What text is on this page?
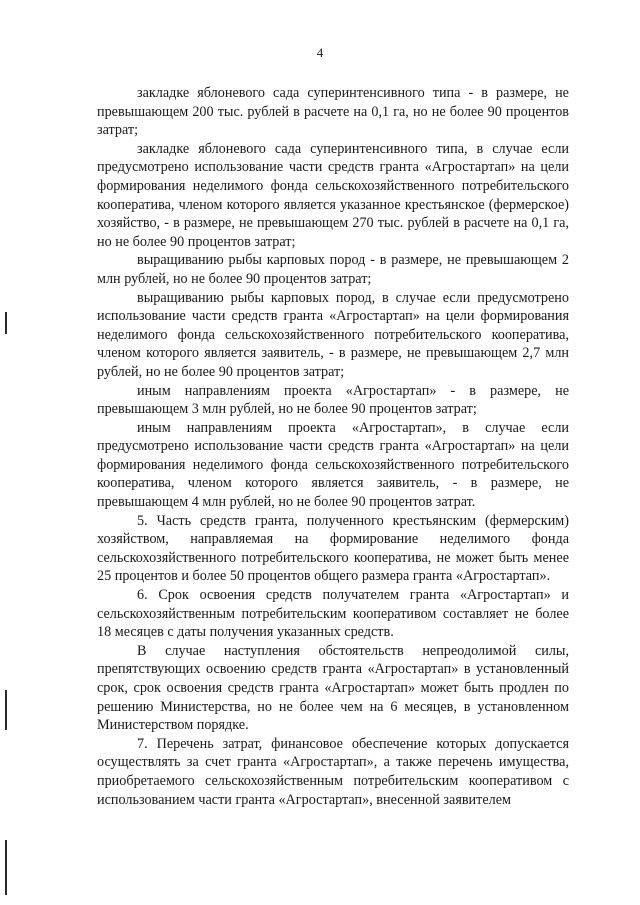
4

закладке яблоневого сада суперинтенсивного типа - в размере, не превышающем 200 тыс. рублей в расчете на 0,1 га, но не более 90 процентов затрат;

закладке яблоневого сада суперинтенсивного типа, в случае если предусмотрено использование части средств гранта «Агростартап» на цели формирования неделимого фонда сельскохозяйственного потребительского кооператива, членом которого является указанное крестьянское (фермерское) хозяйство, - в размере, не превышающем 270 тыс. рублей в расчете на 0,1 га, но не более 90 процентов затрат;

выращиванию рыбы карповых пород - в размере, не превышающем 2 млн рублей, но не более 90 процентов затрат;

выращиванию рыбы карповых пород, в случае если предусмотрено использование части средств гранта «Агростартап» на цели формирования неделимого фонда сельскохозяйственного потребительского кооператива, членом которого является заявитель, - в размере, не превышающем 2,7 млн рублей, но не более 90 процентов затрат;

иным направлениям проекта «Агростартап» - в размере, не превышающем 3 млн рублей, но не более 90 процентов затрат;

иным направлениям проекта «Агростартап», в случае если предусмотрено использование части средств гранта «Агростартап» на цели формирования неделимого фонда сельскохозяйственного потребительского кооператива, членом которого является заявитель, - в размере, не превышающем 4 млн рублей, но не более 90 процентов затрат.

5. Часть средств гранта, полученного крестьянским (фермерским) хозяйством, направляемая на формирование неделимого фонда сельскохозяйственного потребительского кооператива, не может быть менее 25 процентов и более 50 процентов общего размера гранта «Агростартап».

6. Срок освоения средств получателем гранта «Агростартап» и сельскохозяйственным потребительским кооперативом составляет не более 18 месяцев с даты получения указанных средств.

В случае наступления обстоятельств непреодолимой силы, препятствующих освоению средств гранта «Агростартап» в установленный срок, срок освоения средств гранта «Агростартап» может быть продлен по решению Министерства, но не более чем на 6 месяцев, в установленном Министерством порядке.

7. Перечень затрат, финансовое обеспечение которых допускается осуществлять за счет гранта «Агростартап», а также перечень имущества, приобретаемого сельскохозяйственным потребительским кооперативом с использованием части гранта «Агростартап», внесенной заявителем
